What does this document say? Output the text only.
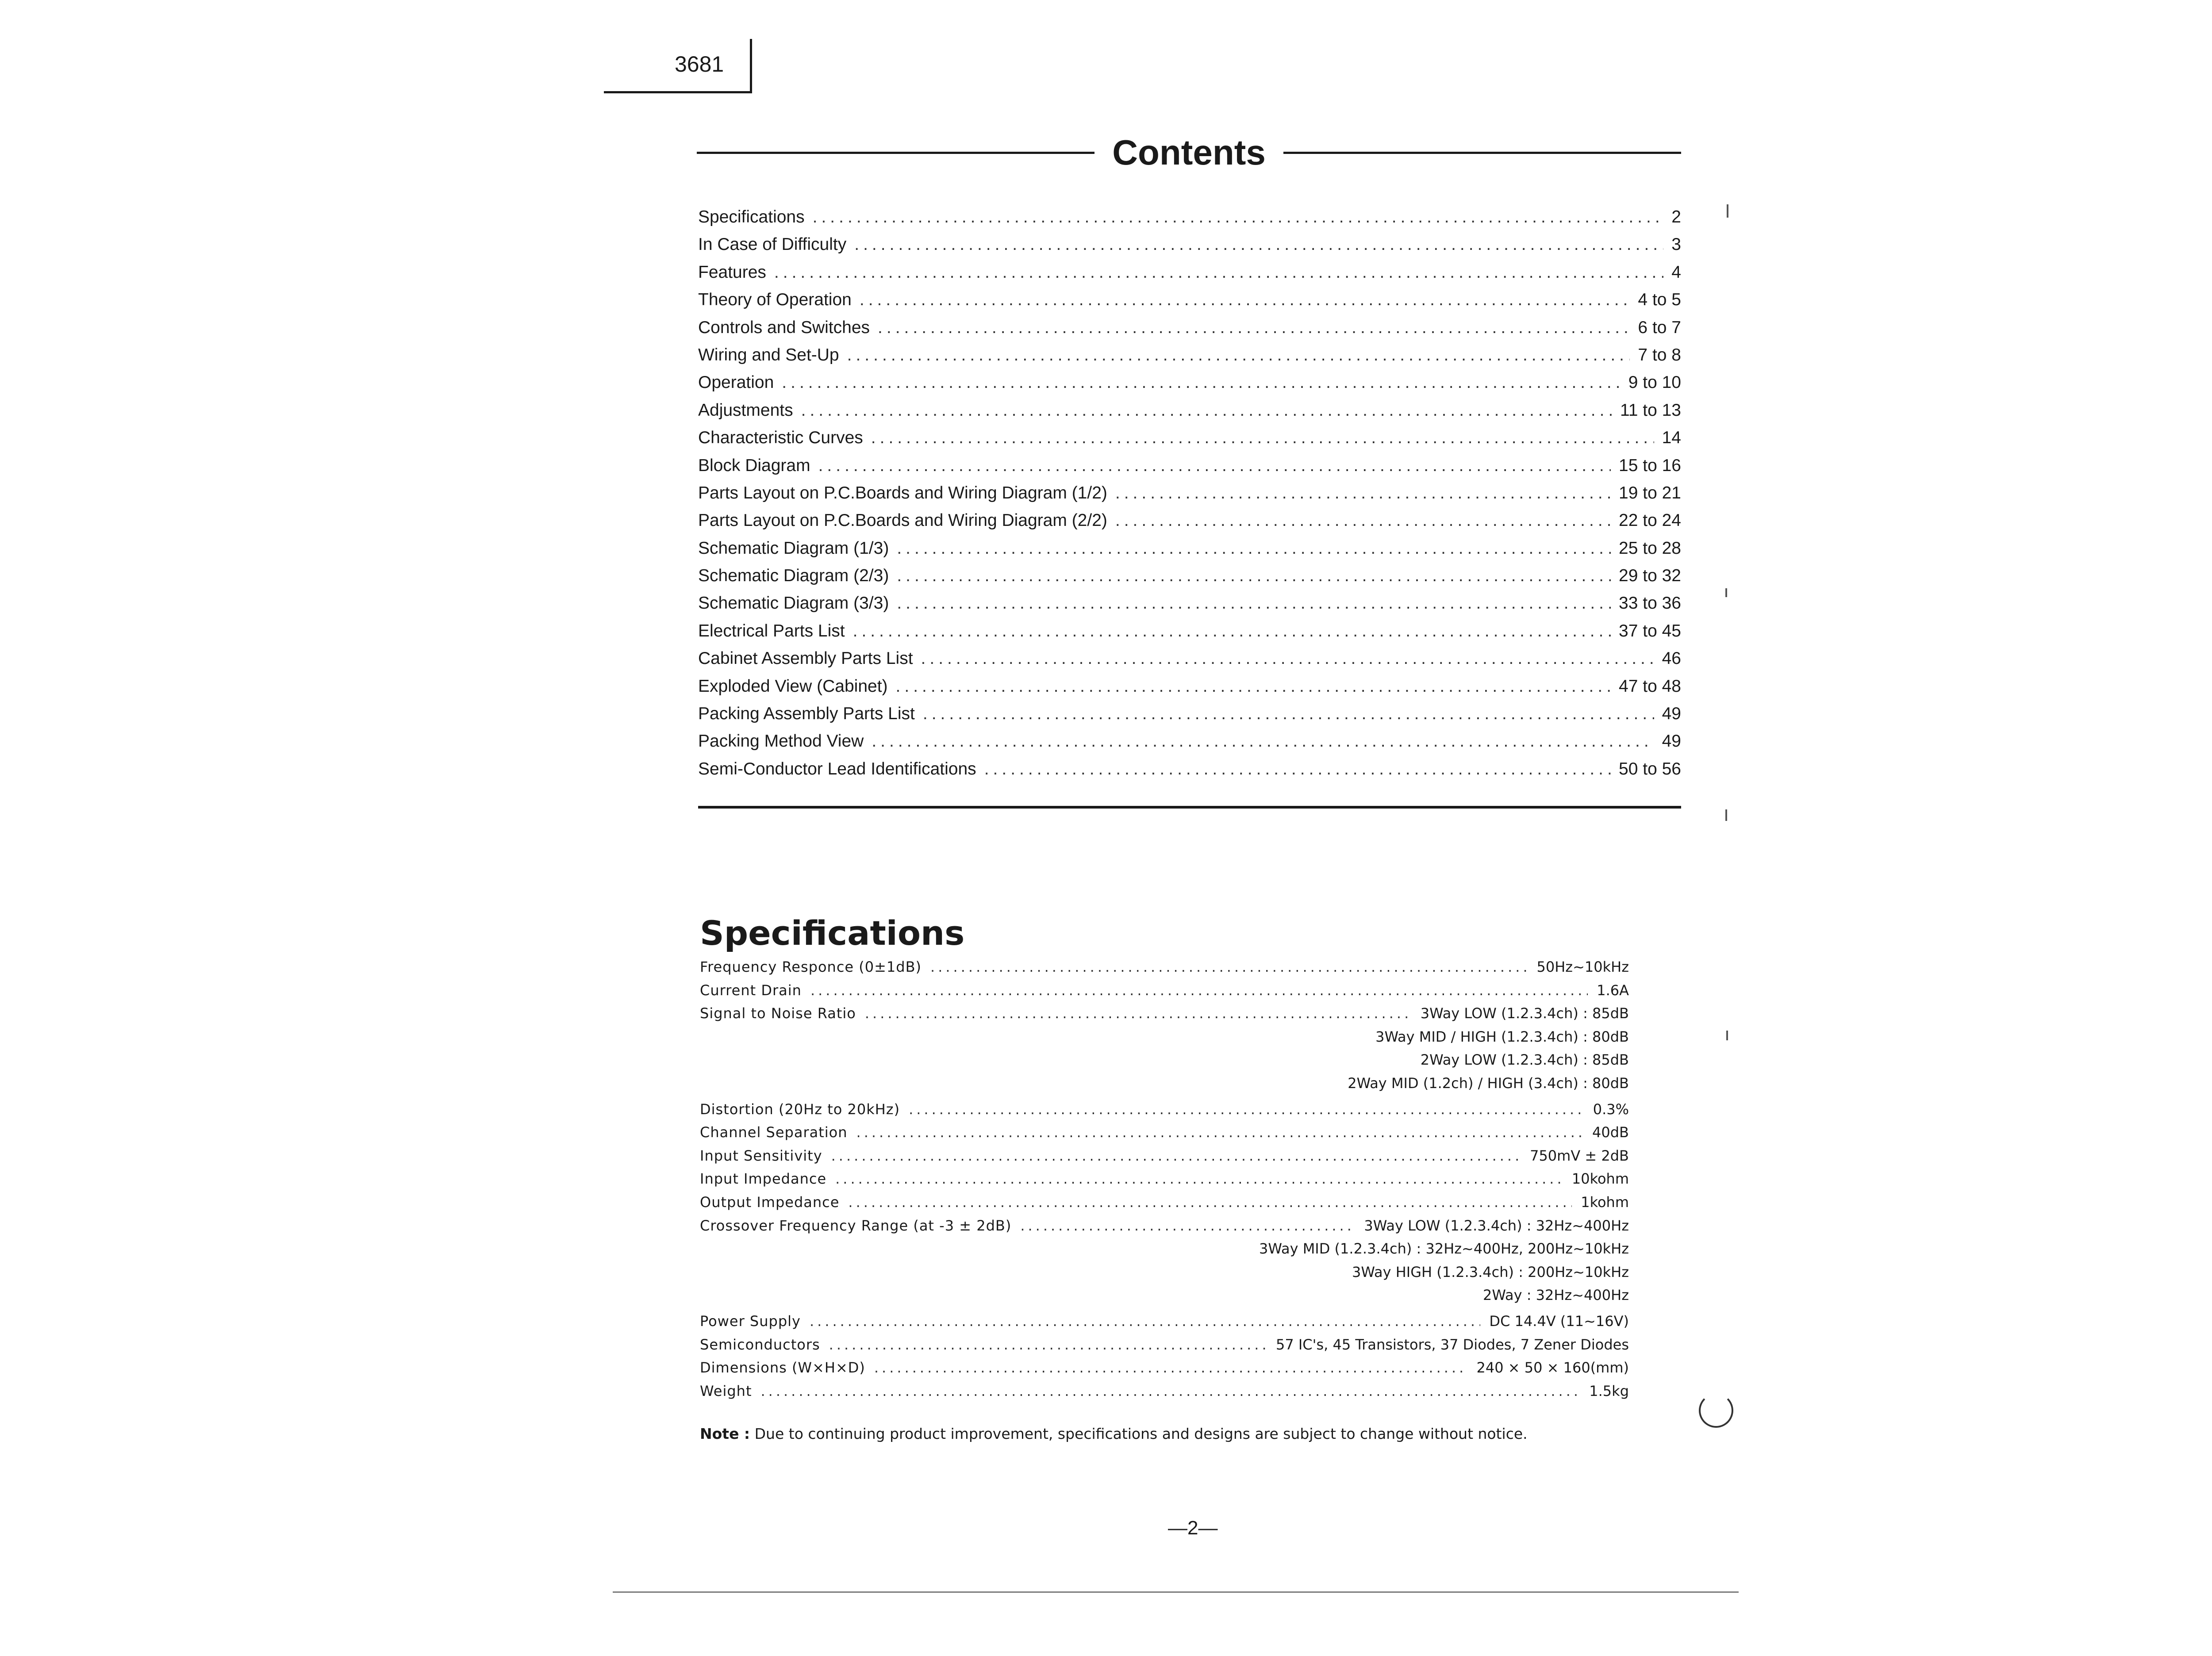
3681
Contents
Specifications .....	2
In Case of Difficulty .....	3
Features .....	4
Theory of Operation .....	4 to 5
Controls and Switches .....	6 to 7
Wiring and Set-Up .....	7 to 8
Operation .....	9 to 10
Adjustments .....	11 to 13
Characteristic Curves .....	14
Block Diagram .....	15 to 16
Parts Layout on P.C.Boards and Wiring Diagram (1/2) .....	19 to 21
Parts Layout on P.C.Boards and Wiring Diagram (2/2) .....	22 to 24
Schematic Diagram (1/3) .....	25 to 28
Schematic Diagram (2/3) .....	29 to 32
Schematic Diagram (3/3) .....	33 to 36
Electrical Parts List .....	37 to 45
Cabinet Assembly Parts List .....	46
Exploded View (Cabinet) .....	47 to 48
Packing Assembly Parts List .....	49
Packing Method View .....	49
Semi-Conductor Lead Identifications .....	50 to 56
Specifications
Frequency Responce (0±1dB) .....	50Hz~10kHz
Current Drain .....	1.6A
Signal to Noise Ratio .....	3Way LOW (1.2.3.4ch) : 85dB
3Way MID / HIGH (1.2.3.4ch) : 80dB
2Way LOW (1.2.3.4ch) : 85dB
2Way MID (1.2ch) / HIGH (3.4ch) : 80dB
Distortion (20Hz to 20kHz) .....	0.3%
Channel Separation .....	40dB
Input Sensitivity .....	750mV ± 2dB
Input Impedance .....	10kohm
Output Impedance .....	1kohm
Crossover Frequency Range (at -3 ± 2dB) .....	3Way LOW (1.2.3.4ch) : 32Hz~400Hz
3Way MID (1.2.3.4ch) : 32Hz~400Hz, 200Hz~10kHz
3Way HIGH (1.2.3.4ch) : 200Hz~10kHz
2Way : 32Hz~400Hz
Power Supply .....	DC 14.4V (11~16V)
Semiconductors .....	57 IC's, 45 Transistors, 37 Diodes, 7 Zener Diodes
Dimensions (W×H×D) .....	240 × 50 × 160(mm)
Weight .....	1.5kg
Note : Due to continuing product improvement, specifications and designs are subject to change without notice.
—2—
